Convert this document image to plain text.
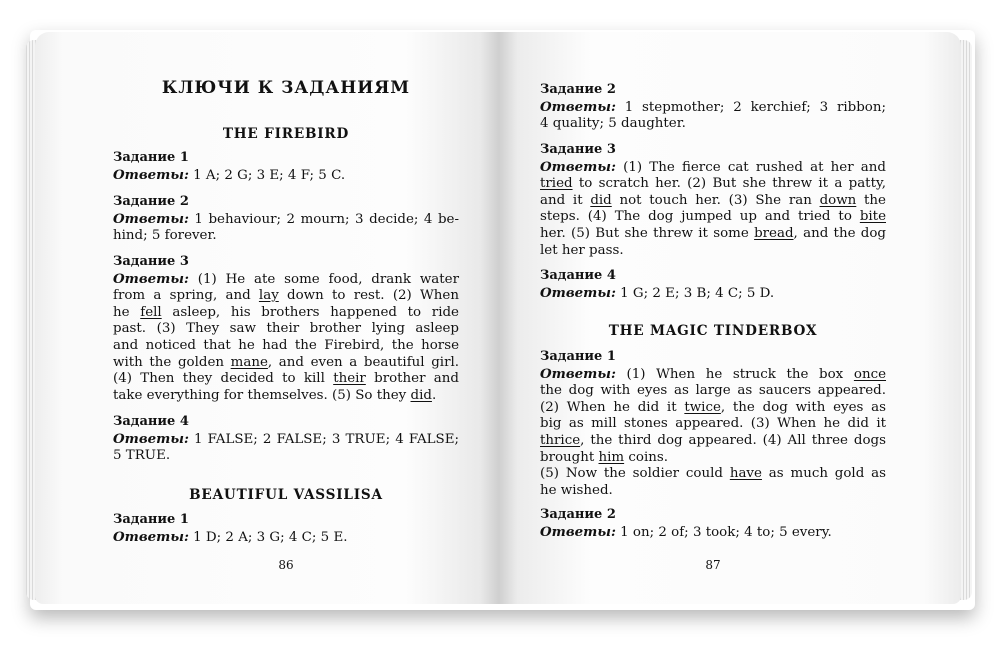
КЛЮЧИ К ЗАДАНИЯМ
THE FIREBIRD
Задание 1
Ответы: 1 A; 2 G; 3 E; 4 F; 5 C.
Задание 2
Ответы: 1 behaviour; 2 mourn; 3 decide; 4 be-
hind; 5 forever.
Задание 3
Ответы: (1) He ate some food, drank water
from a spring, and lay down to rest. (2) When
he fell asleep, his brothers happened to ride
past. (3) They saw their brother lying asleep
and noticed that he had the Firebird, the horse
with the golden mane, and even a beautiful girl.
(4) Then they decided to kill their brother and
take everything for themselves. (5) So they did.
Задание 4
Ответы: 1 FALSE; 2 FALSE; 3 TRUE; 4 FALSE;
5 TRUE.
BEAUTIFUL VASSILISA
Задание 1
Ответы: 1 D; 2 A; 3 G; 4 C; 5 E.
86
Задание 2
Ответы: 1 stepmother; 2 kerchief; 3 ribbon;
4 quality; 5 daughter.
Задание 3
Ответы: (1) The fierce cat rushed at her and
tried to scratch her. (2) But she threw it a patty,
and it did not touch her. (3) She ran down the
steps. (4) The dog jumped up and tried to bite
her. (5) But she threw it some bread, and the dog
let her pass.
Задание 4
Ответы: 1 G; 2 E; 3 B; 4 C; 5 D.
THE MAGIC TINDERBOX
Задание 1
Ответы: (1) When he struck the box once
the dog with eyes as large as saucers appeared.
(2) When he did it twice, the dog with eyes as
big as mill stones appeared. (3) When he did it
thrice, the third dog appeared. (4) All three dogs
brought him coins.
(5) Now the soldier could have as much gold as
he wished.
Задание 2
Ответы: 1 on; 2 of; 3 took; 4 to; 5 every.
87
